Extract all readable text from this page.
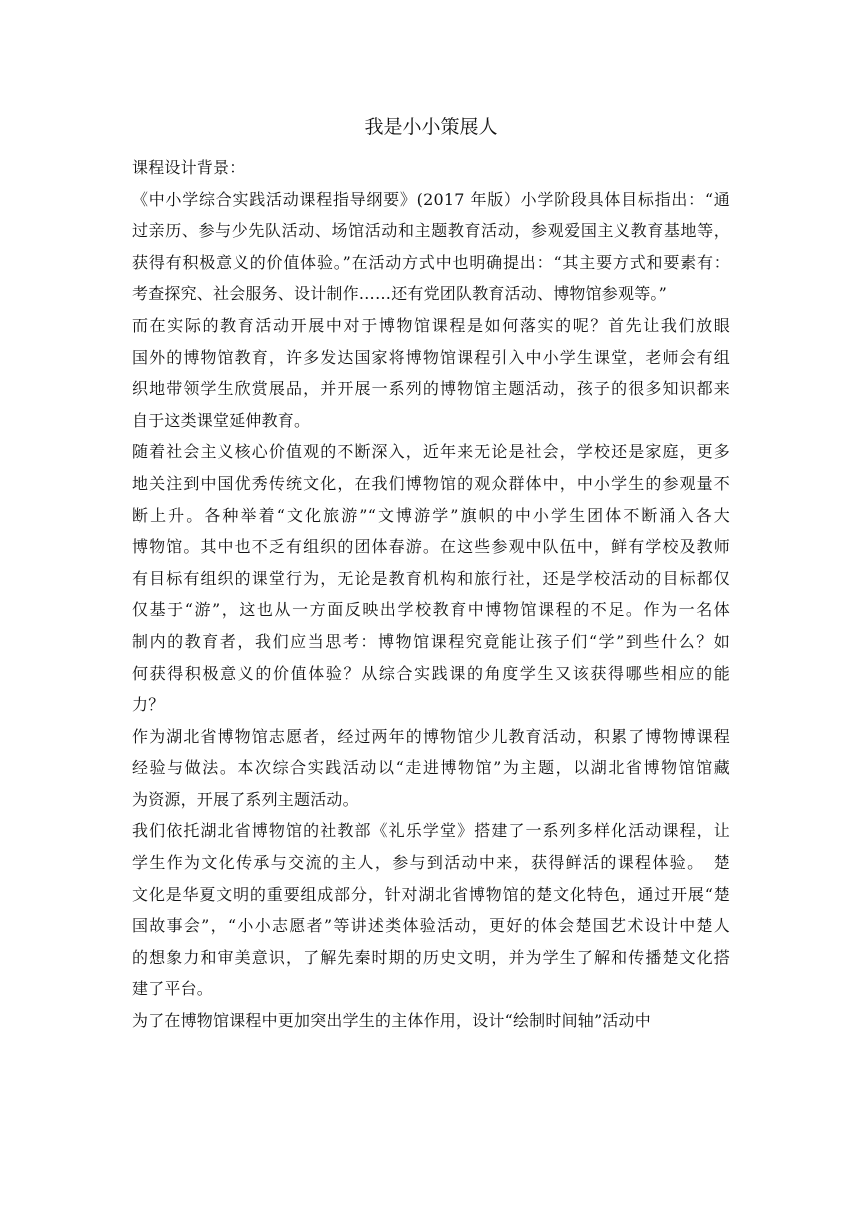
我是小小策展人
课程设计背景：
《中小学综合实践活动课程指导纲要》(2017 年版）小学阶段具体目标指出：“通
过亲历、参与少先队活动、场馆活动和主题教育活动，参观爱国主义教育基地等，
获得有积极意义的价值体验。”在活动方式中也明确提出：“其主要方式和要素有：
考查探究、社会服务、设计制作……还有党团队教育活动、博物馆参观等。”
而在实际的教育活动开展中对于博物馆课程是如何落实的呢？首先让我们放眼
国外的博物馆教育，许多发达国家将博物馆课程引入中小学生课堂，老师会有组
织地带领学生欣赏展品，并开展一系列的博物馆主题活动，孩子的很多知识都来
自于这类课堂延伸教育。
随着社会主义核心价值观的不断深入，近年来无论是社会，学校还是家庭，更多
地关注到中国优秀传统文化，在我们博物馆的观众群体中，中小学生的参观量不
断上升。各种举着“文化旅游”“文博游学”旗帜的中小学生团体不断涌入各大
博物馆。其中也不乏有组织的团体春游。在这些参观中队伍中，鲜有学校及教师
有目标有组织的课堂行为，无论是教育机构和旅行社，还是学校活动的目标都仅
仅基于“游”，这也从一方面反映出学校教育中博物馆课程的不足。作为一名体
制内的教育者，我们应当思考：博物馆课程究竟能让孩子们“学”到些什么？如
何获得积极意义的价值体验？从综合实践课的角度学生又该获得哪些相应的能
力？
作为湖北省博物馆志愿者，经过两年的博物馆少儿教育活动，积累了博物博课程
经验与做法。本次综合实践活动以“走进博物馆”为主题，以湖北省博物馆馆藏
为资源，开展了系列主题活动。
我们依托湖北省博物馆的社教部《礼乐学堂》搭建了一系列多样化活动课程，让
学生作为文化传承与交流的主人，参与到活动中来，获得鲜活的课程体验。　楚
文化是华夏文明的重要组成部分，针对湖北省博物馆的楚文化特色，通过开展“楚
国故事会”，“小小志愿者”等讲述类体验活动，更好的体会楚国艺术设计中楚人
的想象力和审美意识，了解先秦时期的历史文明，并为学生了解和传播楚文化搭
建了平台。
为了在博物馆课程中更加突出学生的主体作用，设计“绘制时间轴”活动中
